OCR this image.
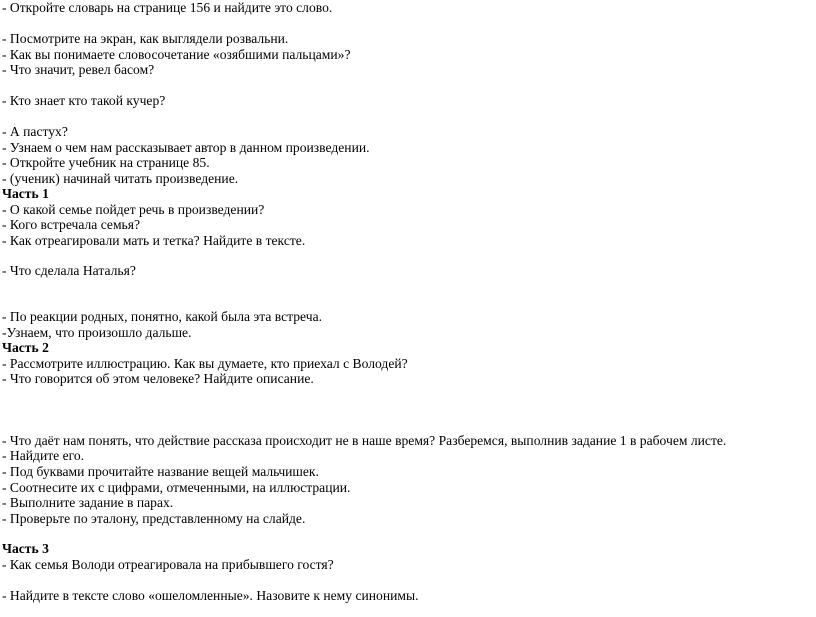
- Откройте словарь на странице 156 и найдите это слово.
- Посмотрите на экран, как выглядели розвальни.
- Как вы понимаете словосочетание «озябшими пальцами»?
- Что значит, ревел басом?
- Кто знает кто такой кучер?
- А пастух?
- Узнаем о чем нам рассказывает автор в данном произведении.
- Откройте учебник на странице 85.
- (ученик) начинай читать произведение.
Часть 1
- О какой семье пойдет речь в произведении?
- Кого встречала семья?
- Как отреагировали мать и тетка? Найдите в тексте.
- Что сделала Наталья?
- По реакции родных, понятно, какой была эта встреча.
-Узнаем, что произошло дальше.
Часть 2
- Рассмотрите иллюстрацию. Как вы думаете, кто приехал с Володей?
- Что говорится об этом человеке? Найдите описание.
- Что даёт нам понять, что действие рассказа происходит не в наше время? Разберемся, выполнив задание 1 в рабочем листе.
- Найдите его.
- Под буквами прочитайте название вещей мальчишек.
- Соотнесите их с цифрами, отмеченными, на иллюстрации.
- Выполните задание в парах.
- Проверьте по эталону, представленному на слайде.
Часть 3
- Как семья Володи отреагировала на прибывшего гостя?
- Найдите в тексте слово «ошеломленные». Назовите к нему синонимы.
